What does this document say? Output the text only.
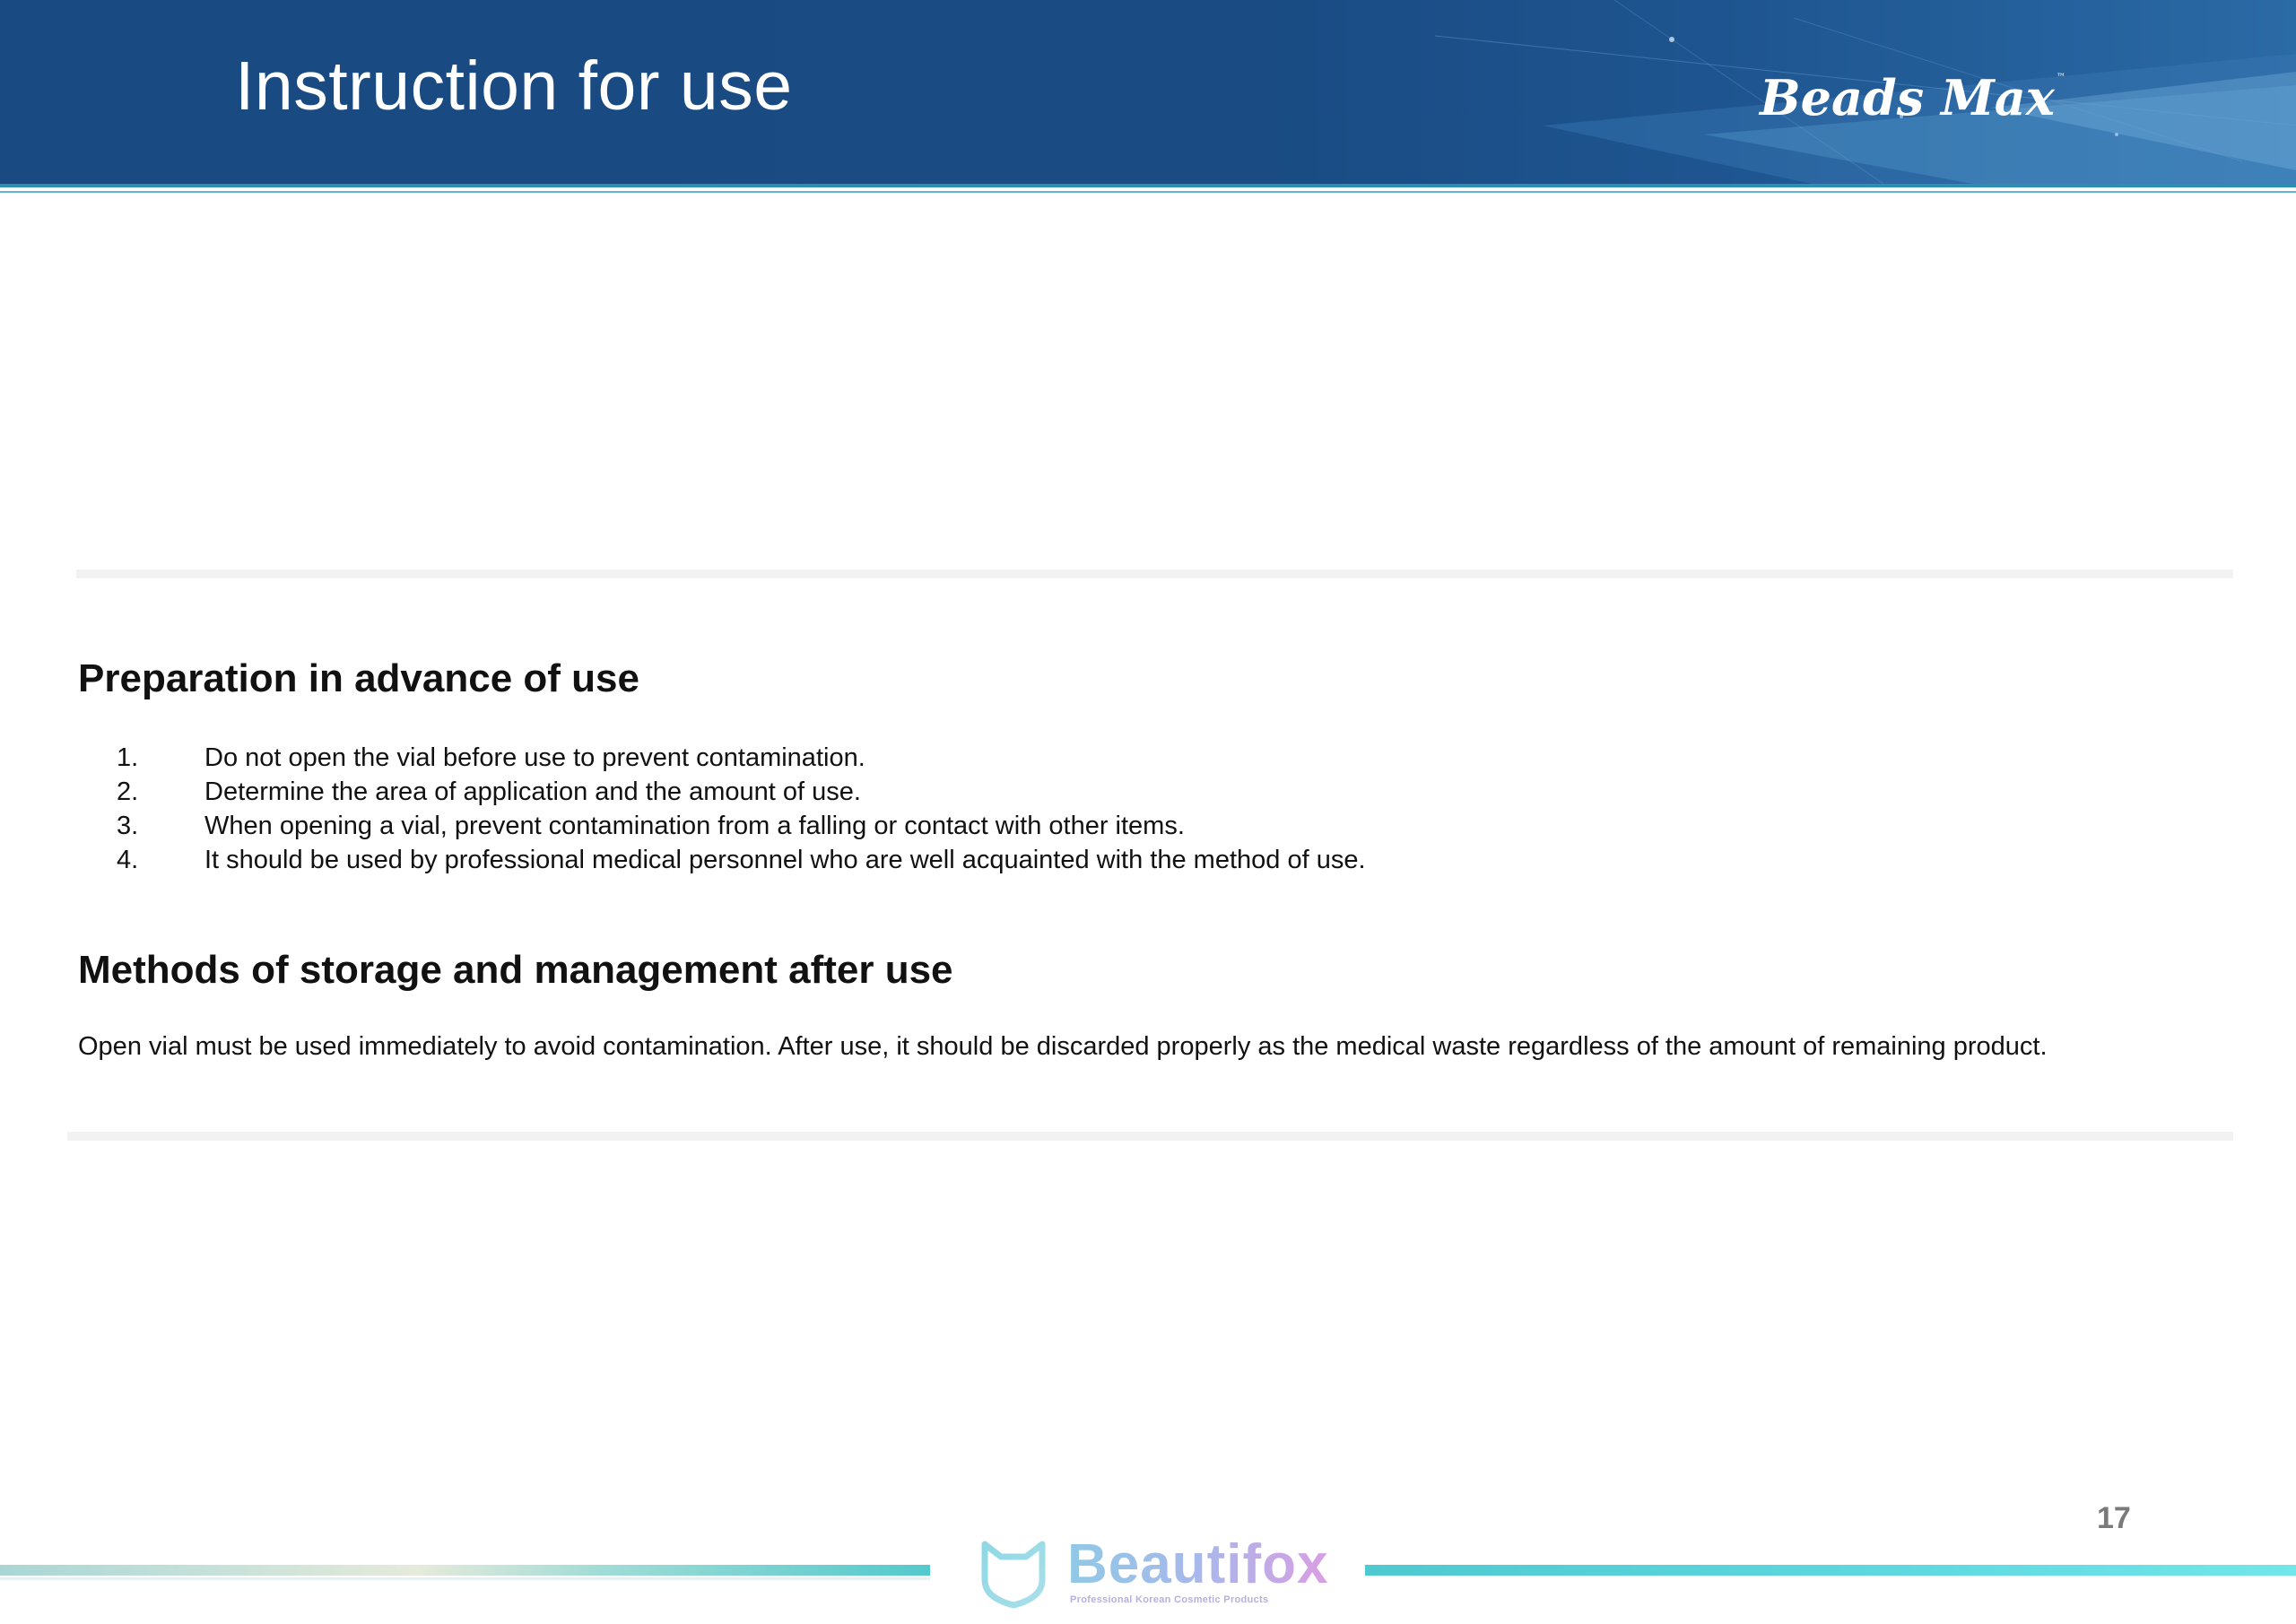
Instruction for use	Beads Max ™
Preparation in advance of use
1.	Do not open the vial before use to prevent contamination.
2.	Determine the area of application and the amount of use.
3.	When opening a vial, prevent contamination from a falling or contact with other items.
4.	It should be used by professional medical personnel who are well acquainted with the method of use.
Methods of storage and management after use

Open vial must be used immediately to avoid contamination. After use, it should be discarded properly as the medical waste regardless of the amount of remaining product.

17
Beautifox
Professional Korean Cosmetic Products
